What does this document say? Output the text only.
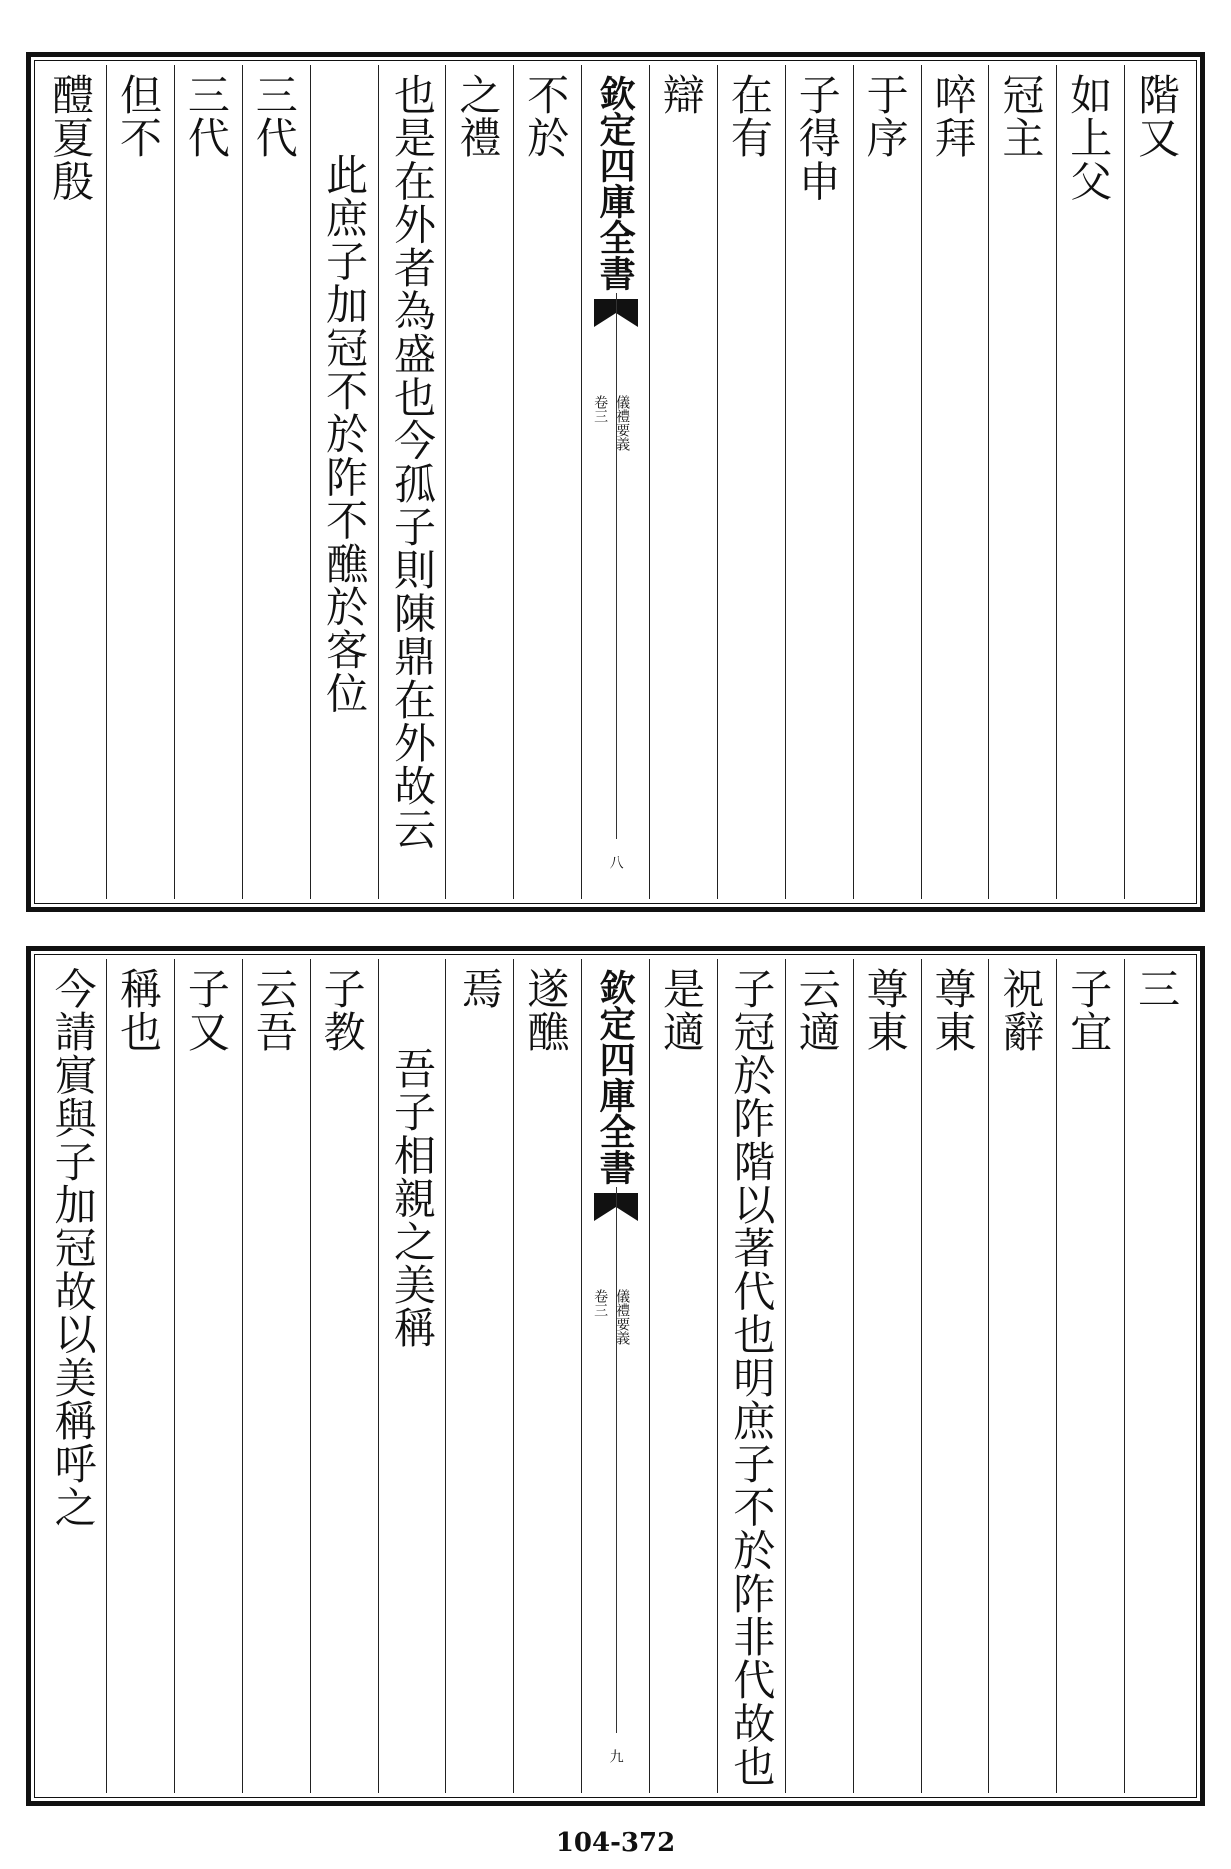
階又
如上父
冠主
啐拜
于序
子得申
在有
辯
欽定四庫全書
儀禮要義
卷三
八
不於
之禮
也是在外者為盛也今孤子則陳鼎在外故云
此庶子加冠不於阼不醮於客位
　三代
三代
但不
醴夏殷
三
子宜
祝辭
尊東
尊東
云適
子冠於阼階以著代也明庶子不於阼非代故也
是適
欽定四庫全書
儀禮要義
卷三
九
遂醮
焉
吾子相親之美稱
子教
云吾
子又
稱也
今請賔與子加冠故以美稱呼之
104-372
